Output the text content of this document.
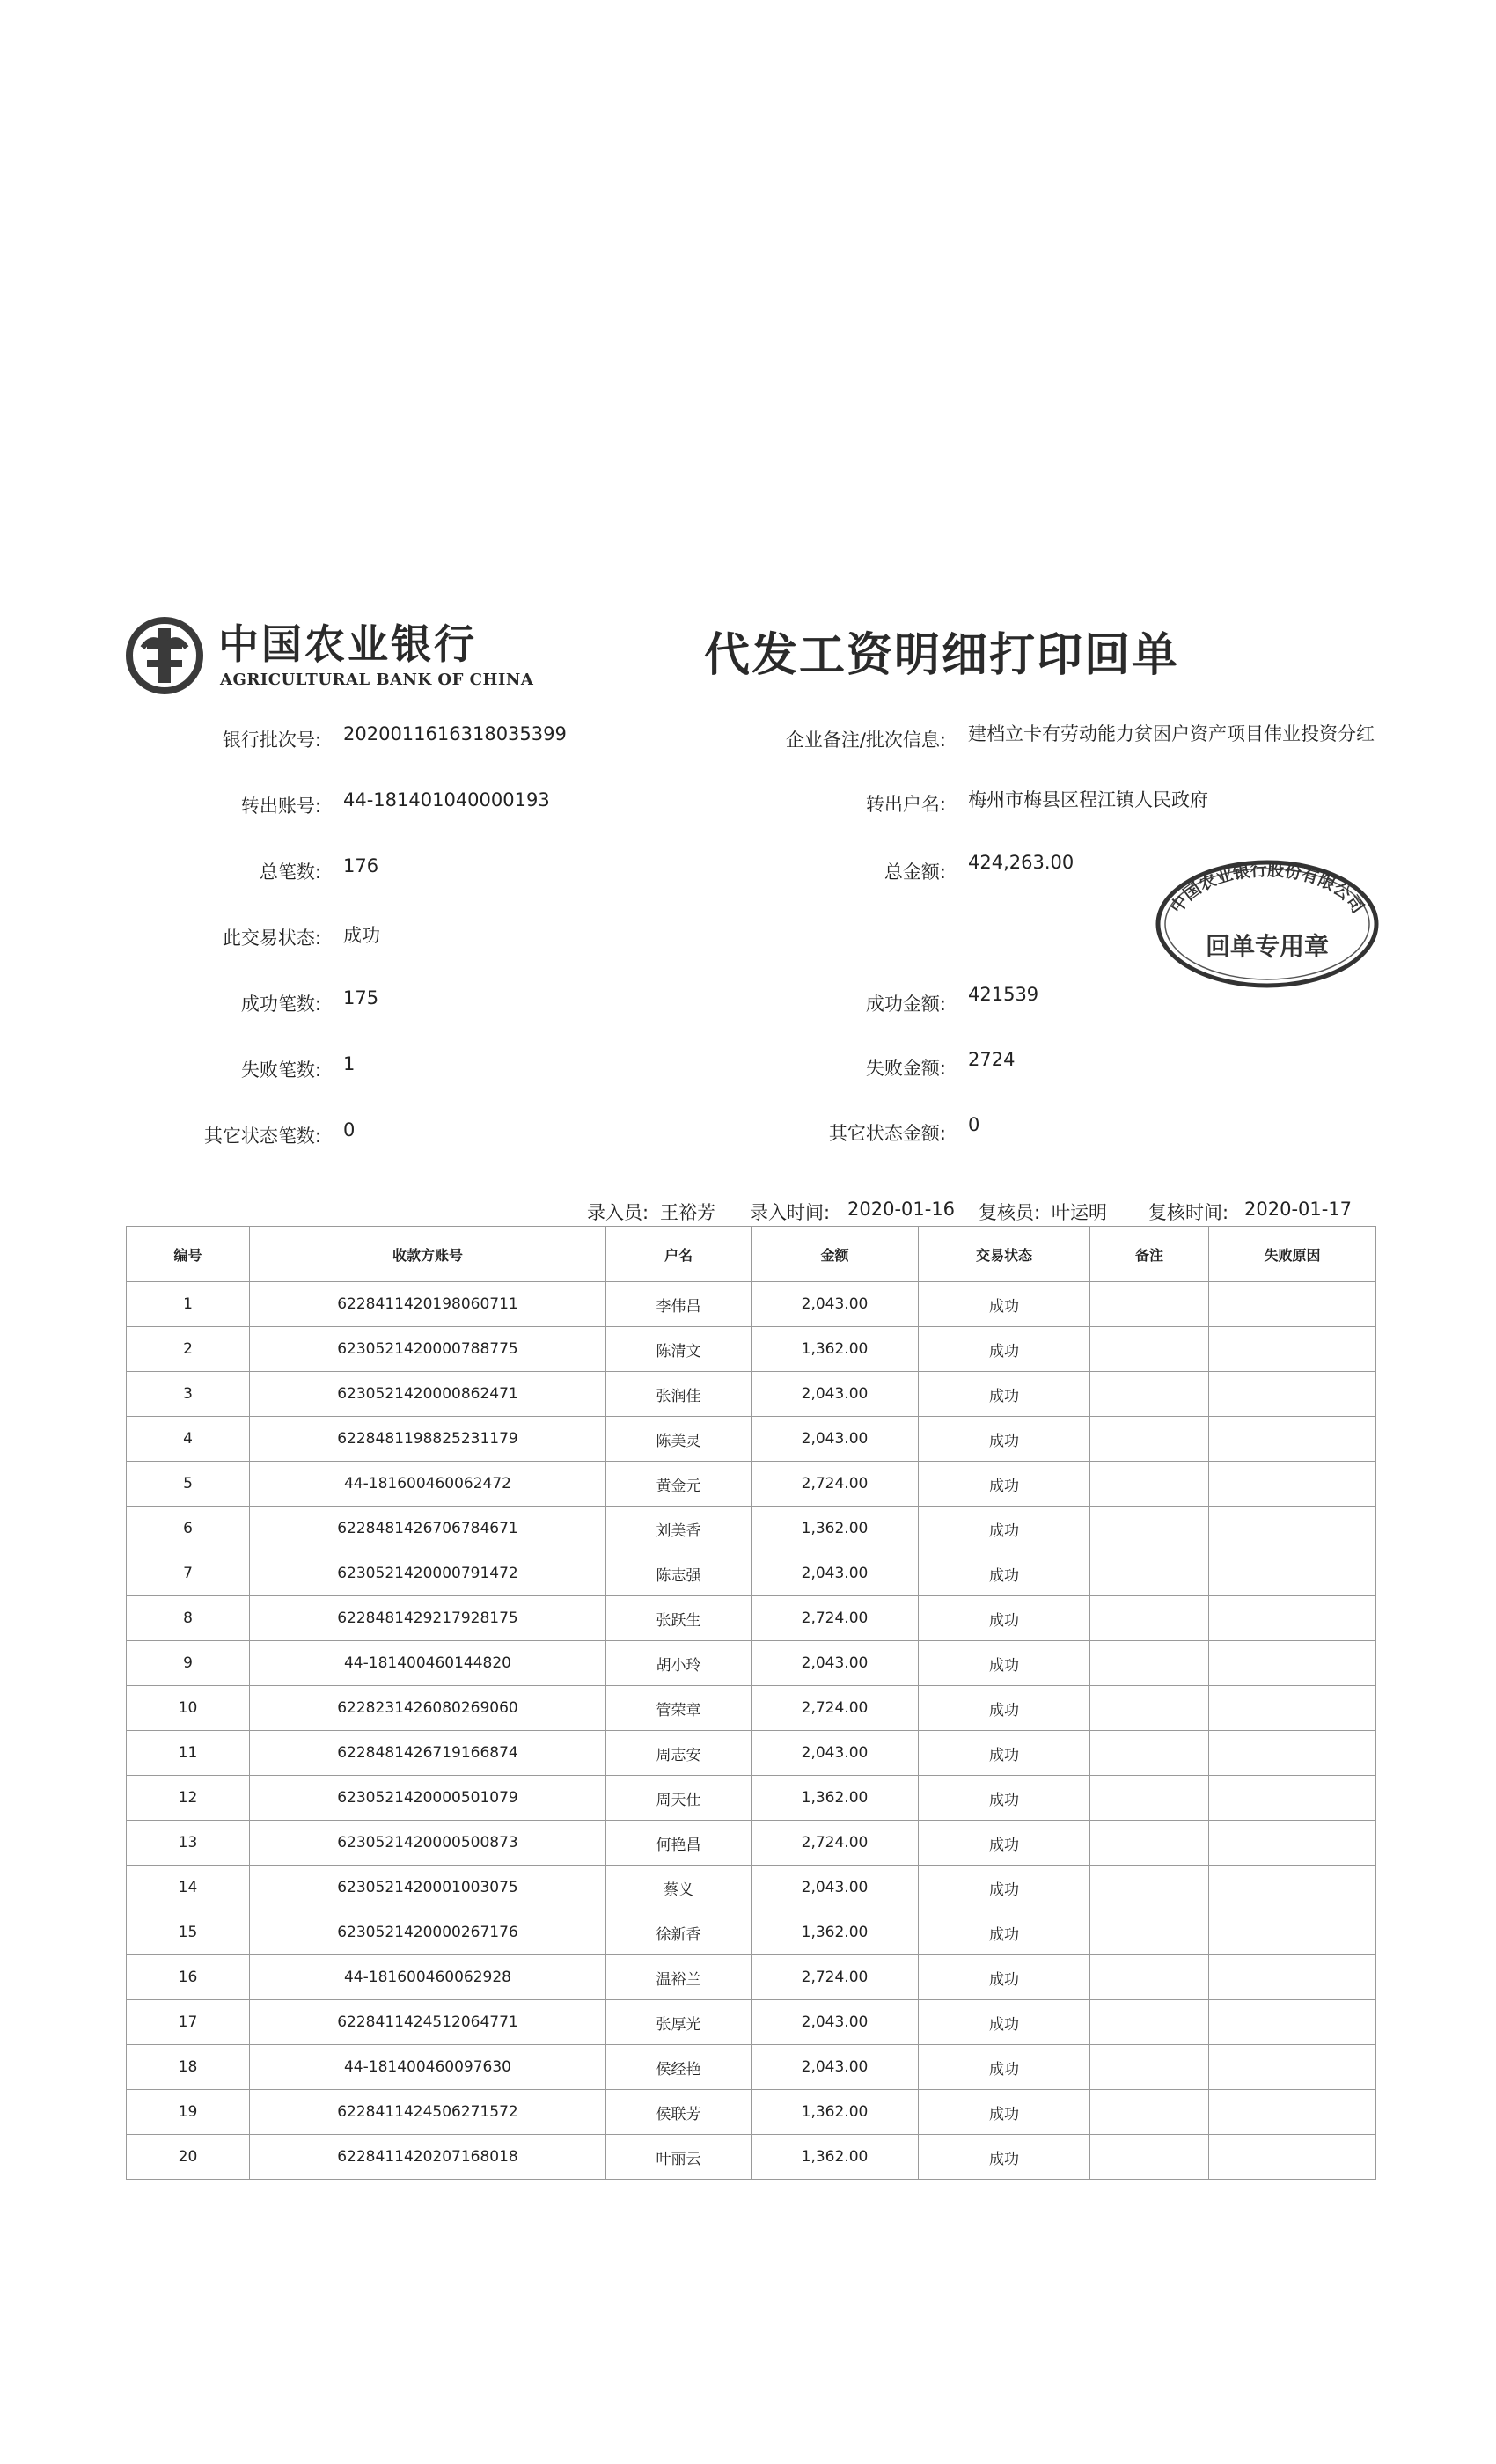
中国农业银行
AGRICULTURAL BANK OF CHINA	代发工资明细打印回单
银行批次号: 2020011616318035399
转出账号: 44-181401040000193
总笔数: 176
此交易状态: 成功
成功笔数: 175
失败笔数: 1
其它状态笔数: 0
企业备注/批次信息: 建档立卡有劳动能力贫困户资产项目伟业投资分红
转出户名: 梅州市梅县区程江镇人民政府
总金额: 424,263.00
成功金额: 421539
失败金额: 2724
其它状态金额: 0
中国农业银行股份有限公司
回单专用章
录入员: 王裕芳 录入时间: 2020-01-16 复核员: 叶运明 复核时间: 2020-01-17
编号	收款方账号	户名	金额	交易状态	备注	失败原因
1	6228411420198060711	李伟昌	2,043.00	成功		
2	6230521420000788775	陈清文	1,362.00	成功		
3	6230521420000862471	张润佳	2,043.00	成功		
4	6228481198825231179	陈美灵	2,043.00	成功		
5	44-181600460062472	黄金元	2,724.00	成功		
6	6228481426706784671	刘美香	1,362.00	成功		
7	6230521420000791472	陈志强	2,043.00	成功		
8	6228481429217928175	张跃生	2,724.00	成功		
9	44-181400460144820	胡小玲	2,043.00	成功		
10	6228231426080269060	管荣章	2,724.00	成功		
11	6228481426719166874	周志安	2,043.00	成功		
12	6230521420000501079	周天仕	1,362.00	成功		
13	6230521420000500873	何艳昌	2,724.00	成功		
14	6230521420001003075	蔡义	2,043.00	成功		
15	6230521420000267176	徐新香	1,362.00	成功		
16	44-181600460062928	温裕兰	2,724.00	成功		
17	6228411424512064771	张厚光	2,043.00	成功		
18	44-181400460097630	侯经艳	2,043.00	成功		
19	6228411424506271572	侯联芳	1,362.00	成功		
20	6228411420207168018	叶丽云	1,362.00	成功		
